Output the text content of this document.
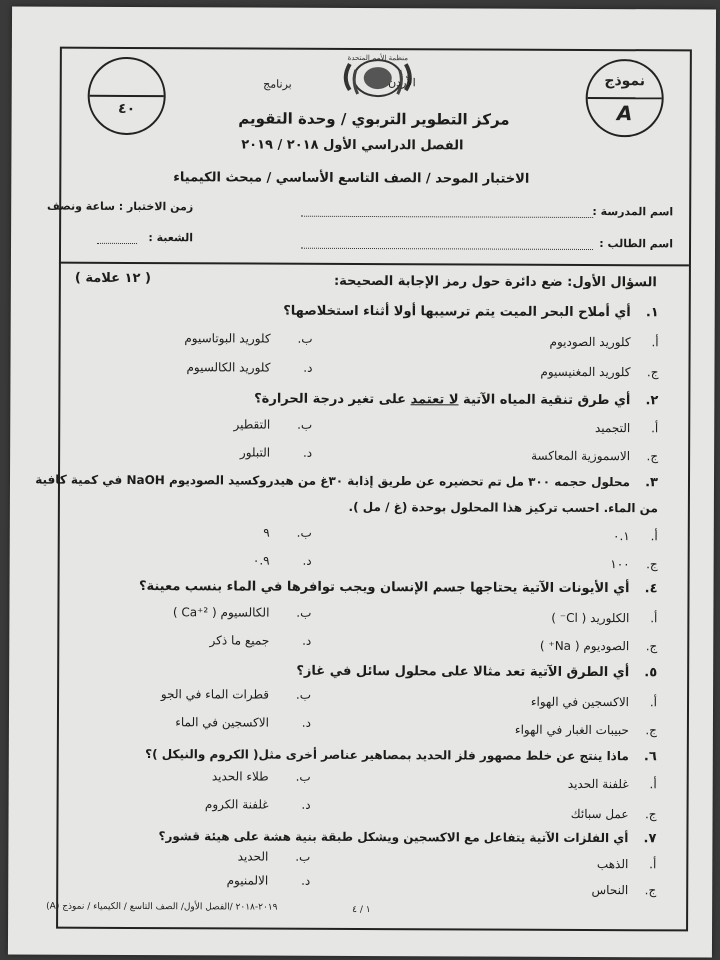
٤٠
نموذج
A
منظمة الأمم المتحدة
برنامج	الأردن
مركز التطوير التربوي / وحدة التقويم
الفصل الدراسي الأول ٢٠١٨ / ٢٠١٩
الاختبار الموحد / الصف التاسع الأساسي / مبحث الكيمياء
اسم المدرسة :
زمن الاختبار : ساعة ونصف
اسم الطالب :
الشعبة :
السؤال الأول: ضع دائرة حول رمز الإجابة الصحيحة:
( ١٢ علامة )
١.
أي أملاح البحر الميت يتم ترسيبها أولا أثناء استخلاصها؟
أ.
كلوريد الصوديوم
ب.
كلوريد البوتاسيوم
ج.
كلوريد المغنيسيوم
د.
كلوريد الكالسيوم
٢.
أي طرق تنقية المياه الآتية لا تعتمد على تغير درجة الحرارة؟
أ.
التجميد
ب.
التقطير
ج.
الاسموزية المعاكسة
د.
التبلور
٣.
محلول حجمه ٣٠٠ مل تم تحضيره عن طريق إذابة ٣٠غ من هيدروكسيد الصوديوم NaOH في كمية كافية
من الماء. احسب تركيز هذا المحلول بوحدة (غ / مل ).
أ.
٠.١
ب.
٩
ج.
١٠٠
د.
٠.٩
٤.
أي الأيونات الآتية يحتاجها جسم الإنسان ويجب توافرها في الماء بنسب معينة؟
أ.
الكلوريد ( Cl⁻ )
ب.
الكالسيوم ( Ca⁺² )
ج.
الصوديوم ( Na⁺ )
د.
جميع ما ذكر
٥.
أي الطرق الآتية تعد مثالا على محلول سائل في غاز؟
أ.
الاكسجين في الهواء
ب.
قطرات الماء في الجو
ج.
حبيبات الغبار في الهواء
د.
الاكسجين في الماء
٦.
ماذا ينتج عن خلط مصهور فلز الحديد بمصاهير عناصر أخرى مثل( الكروم والنيكل )؟
أ.
غلفنة الحديد
ب.
طلاء الحديد
ج.
عمل سبائك
د.
غلفنة الكروم
٧.
أي الفلزات الآتية يتفاعل مع الاكسجين ويشكل طبقة بنية هشة على هيئة قشور؟
أ.
الذهب
ب.
الحديد
ج.
النحاس
د.
الالمنيوم
٢٠١٩-٢٠١٨ /الفصل الأول/ الصف التاسع / الكيمياء / نموذج (A)	١ / ٤
